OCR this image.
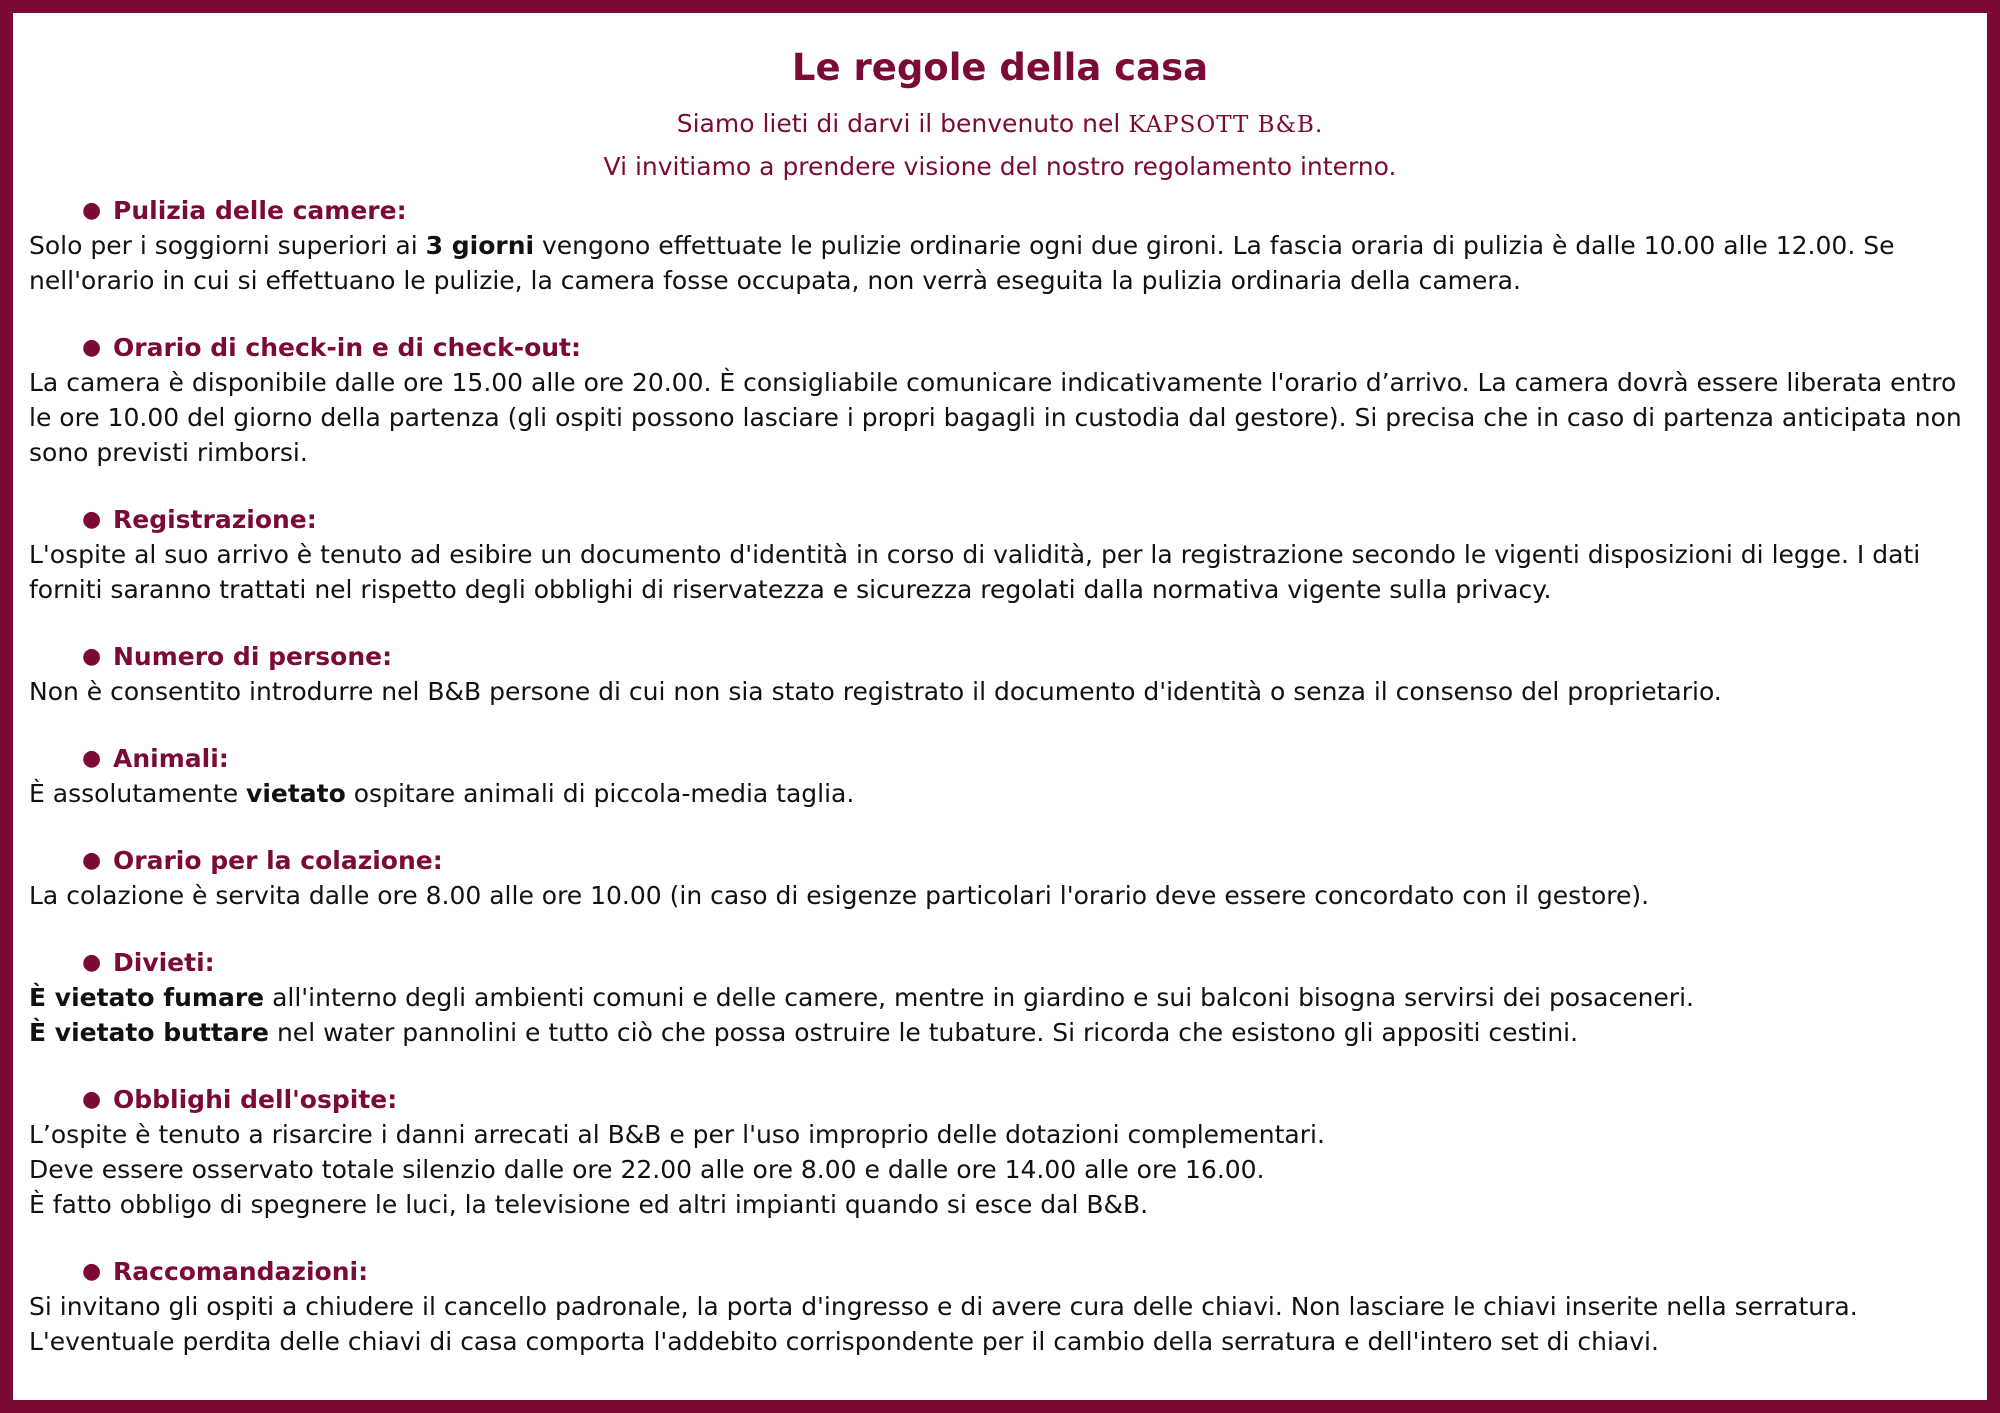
Le regole della casa
Siamo lieti di darvi il benvenuto nel KAPSOTT B&B.
Vi invitiamo a prendere visione del nostro regolamento interno.
● Pulizia delle camere:
Solo per i soggiorni superiori ai 3 giorni vengono effettuate le pulizie ordinarie ogni due gironi. La fascia oraria di pulizia è dalle 10.00 alle 12.00. Se nell'orario in cui si effettuano le pulizie, la camera fosse occupata, non verrà eseguita la pulizia ordinaria della camera.
● Orario di check-in e di check-out:
La camera è disponibile dalle ore 15.00 alle ore 20.00. È consigliabile comunicare indicativamente l'orario d’arrivo. La camera dovrà essere liberata entro le ore 10.00 del giorno della partenza (gli ospiti possono lasciare i propri bagagli in custodia dal gestore). Si precisa che in caso di partenza anticipata non sono previsti rimborsi.
● Registrazione:
L'ospite al suo arrivo è tenuto ad esibire un documento d'identità in corso di validità, per la registrazione secondo le vigenti disposizioni di legge. I dati forniti saranno trattati nel rispetto degli obblighi di riservatezza e sicurezza regolati dalla normativa vigente sulla privacy.
● Numero di persone:
Non è consentito introdurre nel B&B persone di cui non sia stato registrato il documento d'identità o senza il consenso del proprietario.
● Animali:
È assolutamente vietato ospitare animali di piccola-media taglia.
● Orario per la colazione:
La colazione è servita dalle ore 8.00 alle ore 10.00 (in caso di esigenze particolari l'orario deve essere concordato con il gestore).
● Divieti:
È vietato fumare all'interno degli ambienti comuni e delle camere, mentre in giardino e sui balconi bisogna servirsi dei posaceneri.
È vietato buttare nel water pannolini e tutto ciò che possa ostruire le tubature. Si ricorda che esistono gli appositi cestini.
● Obblighi dell'ospite:
L’ospite è tenuto a risarcire i danni arrecati al B&B e per l'uso improprio delle dotazioni complementari.
Deve essere osservato totale silenzio dalle ore 22.00 alle ore 8.00 e dalle ore 14.00 alle ore 16.00.
È fatto obbligo di spegnere le luci, la televisione ed altri impianti quando si esce dal B&B.
● Raccomandazioni:
Si invitano gli ospiti a chiudere il cancello padronale, la porta d'ingresso e di avere cura delle chiavi. Non lasciare le chiavi inserite nella serratura. L'eventuale perdita delle chiavi di casa comporta l'addebito corrispondente per il cambio della serratura e dell'intero set di chiavi.
